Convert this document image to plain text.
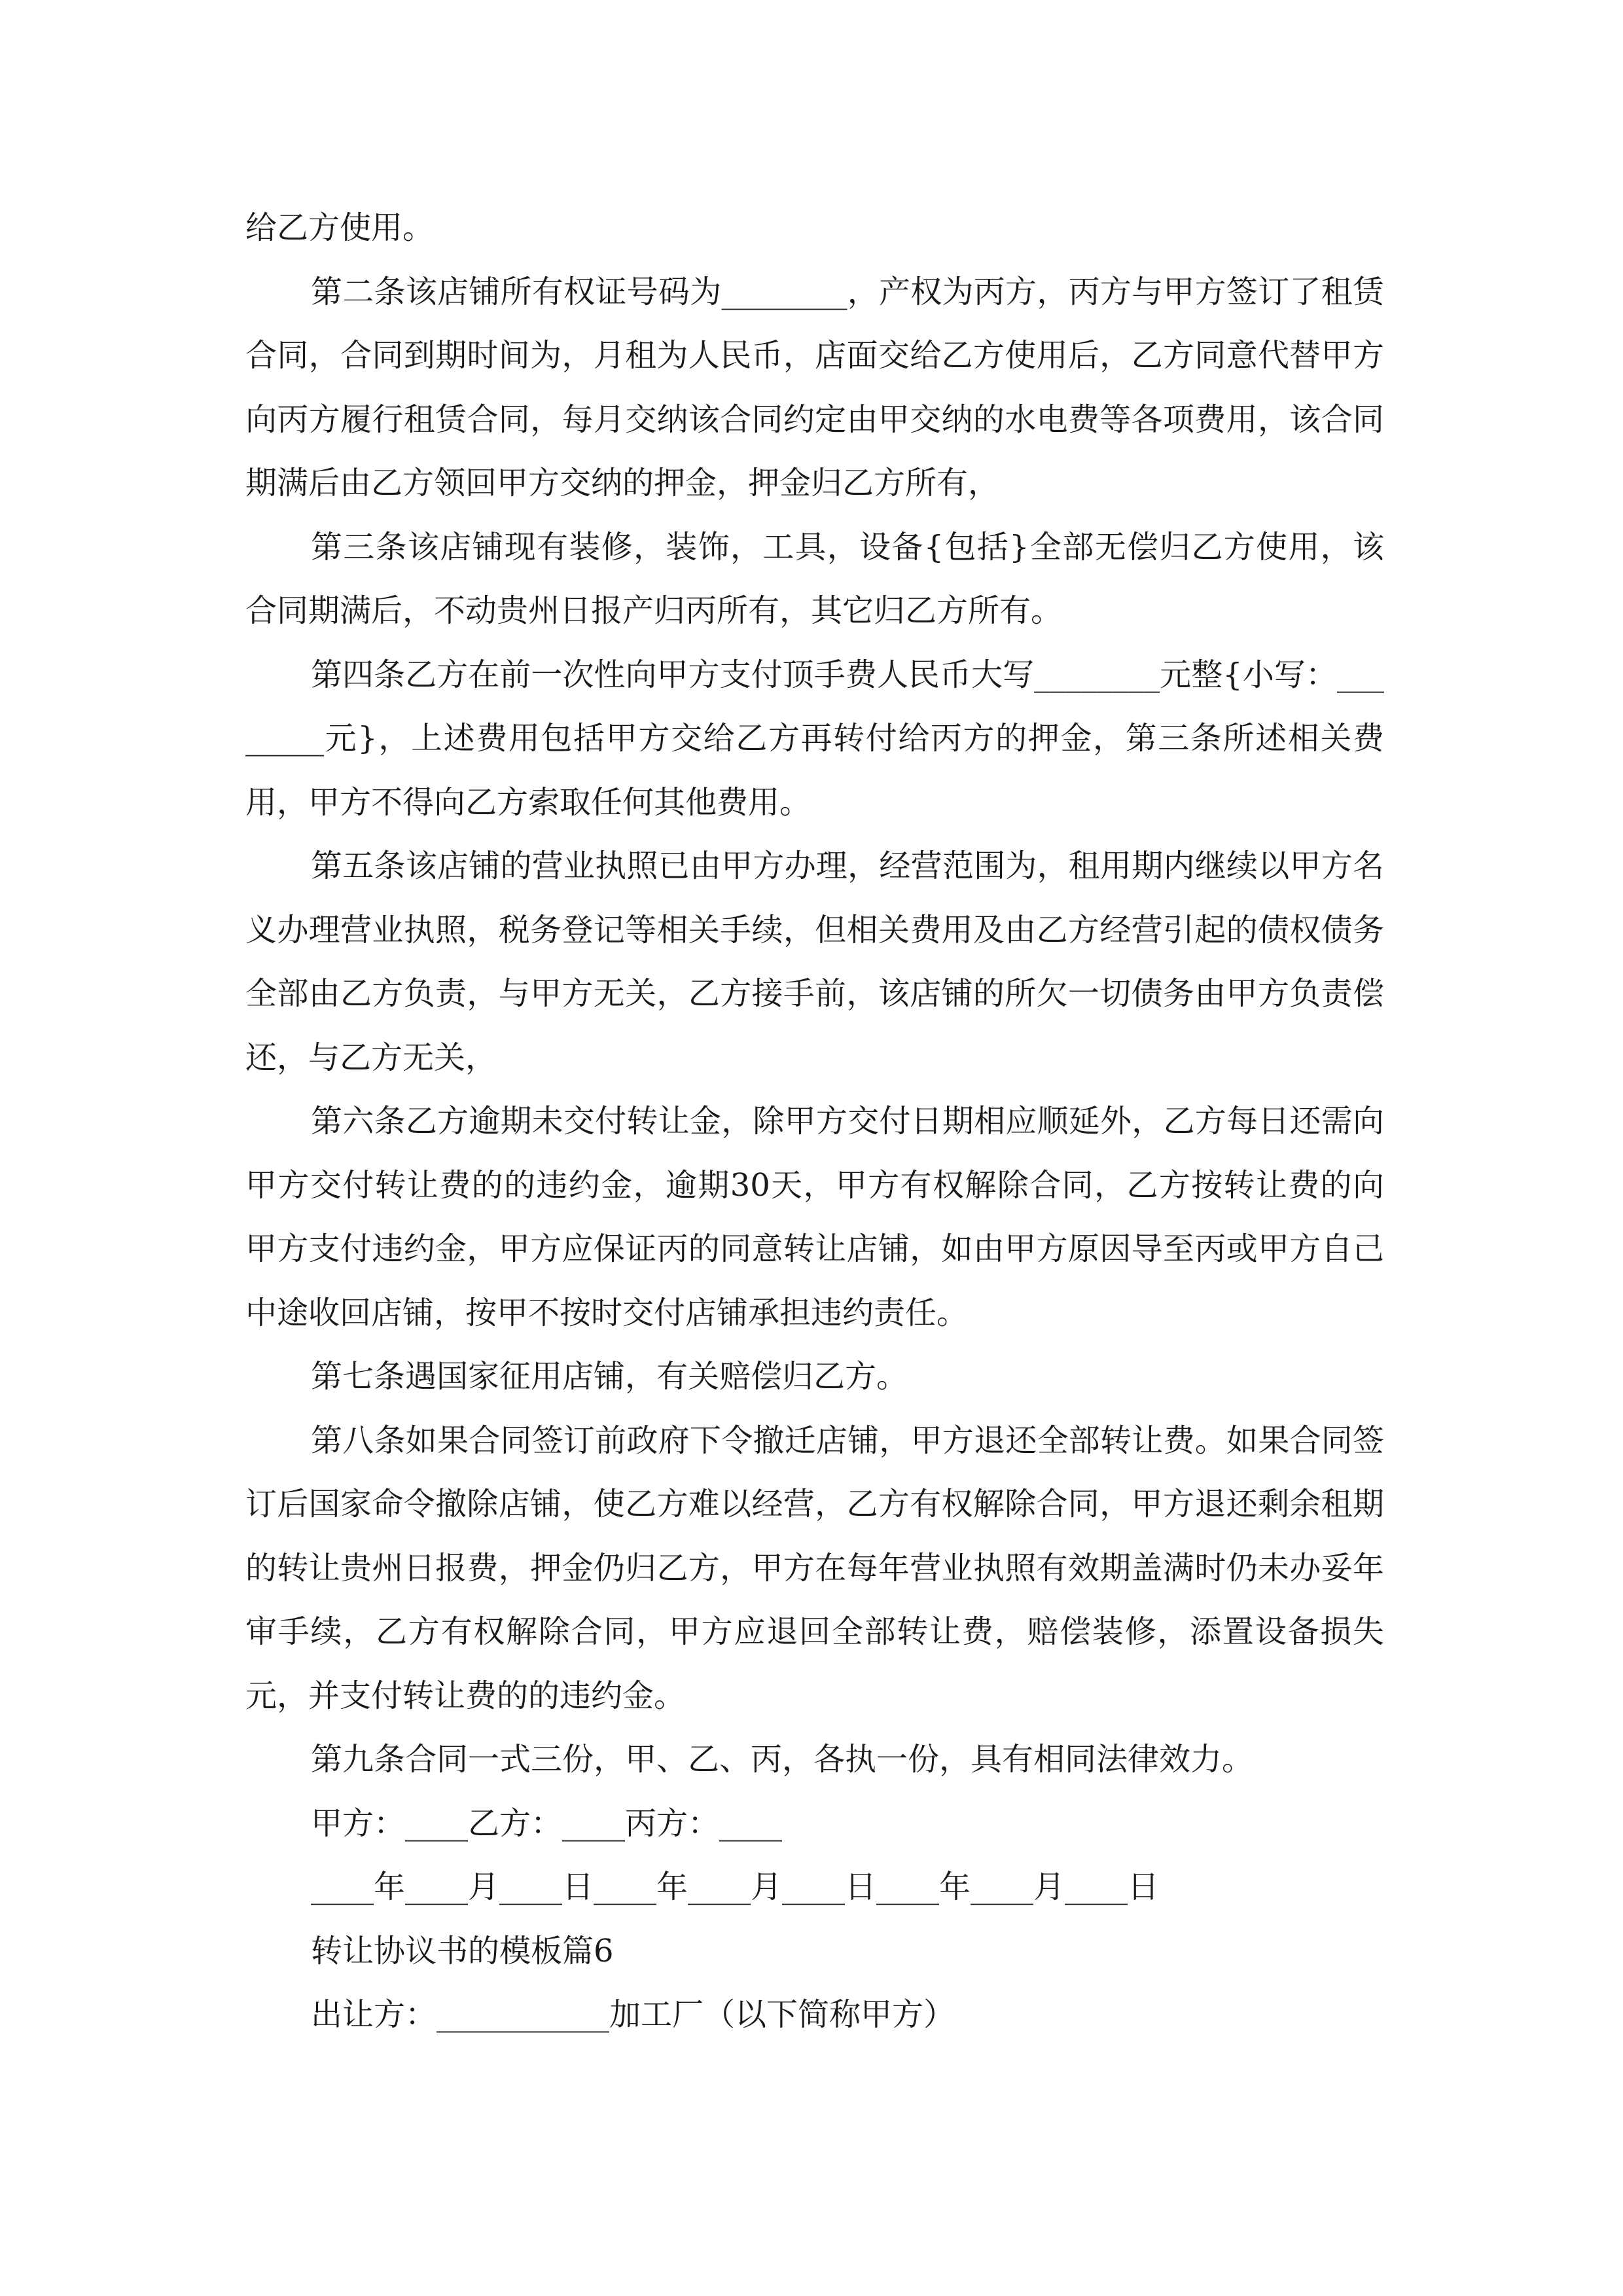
给乙方使用。

第二条该店铺所有权证号码为________，产权为丙方，丙方与甲方签订了租赁合同，合同到期时间为，月租为人民币，店面交给乙方使用后，乙方同意代替甲方向丙方履行租赁合同，每月交纳该合同约定由甲交纳的水电费等各项费用，该合同期满后由乙方领回甲方交纳的押金，押金归乙方所有，

第三条该店铺现有装修，装饰，工具，设备{包括}全部无偿归乙方使用，该合同期满后，不动贵州日报产归丙所有，其它归乙方所有。

第四条乙方在前一次性向甲方支付顶手费人民币大写________元整{小写：________元}，上述费用包括甲方交给乙方再转付给丙方的押金，第三条所述相关费用，甲方不得向乙方索取任何其他费用。

第五条该店铺的营业执照已由甲方办理，经营范围为，租用期内继续以甲方名义办理营业执照，税务登记等相关手续，但相关费用及由乙方经营引起的债权债务全部由乙方负责，与甲方无关，乙方接手前，该店铺的所欠一切债务由甲方负责偿还，与乙方无关，

第六条乙方逾期未交付转让金，除甲方交付日期相应顺延外，乙方每日还需向甲方交付转让费的的违约金，逾期30天，甲方有权解除合同，乙方按转让费的向甲方支付违约金，甲方应保证丙的同意转让店铺，如由甲方原因导至丙或甲方自己中途收回店铺，按甲不按时交付店铺承担违约责任。

第七条遇国家征用店铺，有关赔偿归乙方。

第八条如果合同签订前政府下令撤迁店铺，甲方退还全部转让费。如果合同签订后国家命令撤除店铺，使乙方难以经营，乙方有权解除合同，甲方退还剩余租期的转让贵州日报费，押金仍归乙方，甲方在每年营业执照有效期盖满时仍未办妥年审手续，乙方有权解除合同，甲方应退回全部转让费，赔偿装修，添置设备损失元，并支付转让费的的违约金。

第九条合同一式三份，甲、乙、丙，各执一份，具有相同法律效力。

甲方：____乙方：____丙方：____

____年____月____日____年____月____日____年____月____日

转让协议书的模板篇6

出让方：___________加工厂（以下简称甲方）
